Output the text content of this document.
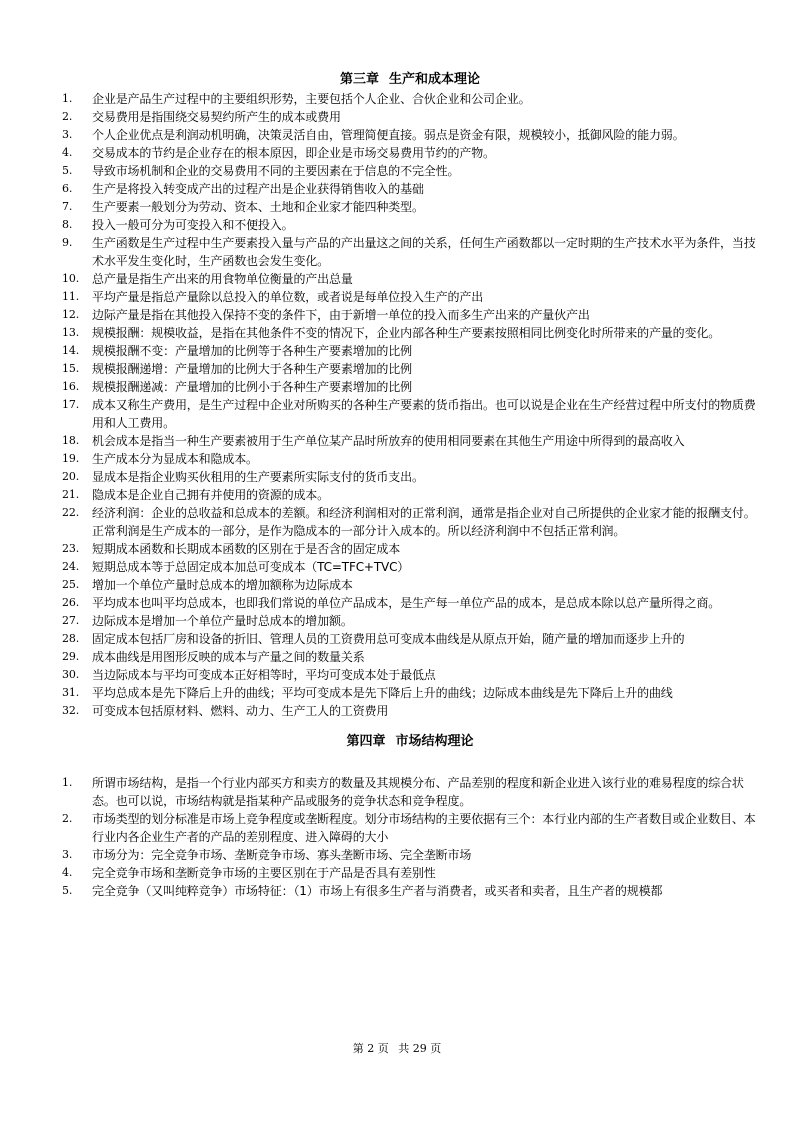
第三章 生产和成本理论
1.	企业是产品生产过程中的主要组织形势，主要包括个人企业、合伙企业和公司企业。
2.	交易费用是指围绕交易契约所产生的成本或费用
3.	个人企业优点是利润动机明确，决策灵活自由，管理简便直接。弱点是资金有限，规模较小，抵御风险的能力弱。
4.	交易成本的节约是企业存在的根本原因，即企业是市场交易费用节约的产物。
5.	导致市场机制和企业的交易费用不同的主要因素在于信息的不完全性。
6.	生产是将投入转变成产出的过程产出是企业获得销售收入的基础
7.	生产要素一般划分为劳动、资本、土地和企业家才能四种类型。
8.	投入一般可分为可变投入和不便投入。
9.	生产函数是生产过程中生产要素投入量与产品的产出量这之间的关系，任何生产函数都以一定时期的生产技术水平为条件，当技术水平发生变化时，生产函数也会发生变化。
10.	总产量是指生产出来的用食物单位衡量的产出总量
11.	平均产量是指总产量除以总投入的单位数，或者说是每单位投入生产的产出
12.	边际产量是指在其他投入保持不变的条件下，由于新增一单位的投入而多生产出来的产量伙产出
13.	规模报酬：规模收益，是指在其他条件不变的情况下，企业内部各种生产要素按照相同比例变化时所带来的产量的变化。
14.	规模报酬不变：产量增加的比例等于各种生产要素增加的比例
15.	规模报酬递增：产量增加的比例大于各种生产要素增加的比例
16.	规模报酬递减：产量增加的比例小于各种生产要素增加的比例
17.	成本又称生产费用，是生产过程中企业对所购买的各种生产要素的货币指出。也可以说是企业在生产经营过程中所支付的物质费用和人工费用。
18.	机会成本是指当一种生产要素被用于生产单位某产品时所放弃的使用相同要素在其他生产用途中所得到的最高收入
19.	生产成本分为显成本和隐成本。
20.	显成本是指企业购买伙租用的生产要素所实际支付的货币支出。
21.	隐成本是企业自己拥有并使用的资源的成本。
22.	经济利润：企业的总收益和总成本的差额。和经济利润相对的正常利润，通常是指企业对自己所提供的企业家才能的报酬支付。正常利润是生产成本的一部分，是作为隐成本的一部分计入成本的。所以经济利润中不包括正常利润。
23.	短期成本函数和长期成本函数的区别在于是否含的固定成本
24.	短期总成本等于总固定成本加总可变成本（TC=TFC+TVC）
25.	增加一个单位产量时总成本的增加额称为边际成本
26.	平均成本也叫平均总成本，也即我们常说的单位产品成本，是生产每一单位产品的成本，是总成本除以总产量所得之商。
27.	边际成本是增加一个单位产量时总成本的增加额。
28.	固定成本包括厂房和设备的折旧、管理人员的工资费用总可变成本曲线是从原点开始，随产量的增加而逐步上升的
29.	成本曲线是用图形反映的成本与产量之间的数量关系
30.	当边际成本与平均可变成本正好相等时，平均可变成本处于最低点
31.	平均总成本是先下降后上升的曲线；平均可变成本是先下降后上升的曲线；边际成本曲线是先下降后上升的曲线
32.	可变成本包括原材料、燃料、动力、生产工人的工资费用
第四章 市场结构理论
1.	所谓市场结构，是指一个行业内部买方和卖方的数量及其规模分布、产品差别的程度和新企业进入该行业的难易程度的综合状态。也可以说，市场结构就是指某种产品或服务的竞争状态和竞争程度。
2.	市场类型的划分标准是市场上竞争程度或垄断程度。划分市场结构的主要依据有三个：本行业内部的生产者数目或企业数目、本行业内各企业生产者的产品的差别程度、进入障碍的大小
3.	市场分为：完全竞争市场、垄断竞争市场、寡头垄断市场、完全垄断市场
4.	完全竞争市场和垄断竞争市场的主要区别在于产品是否具有差别性
5.	完全竞争（又叫纯粹竞争）市场特征：（1）市场上有很多生产者与消费者，或买者和卖者，且生产者的规模都
第 2 页 共 29 页
